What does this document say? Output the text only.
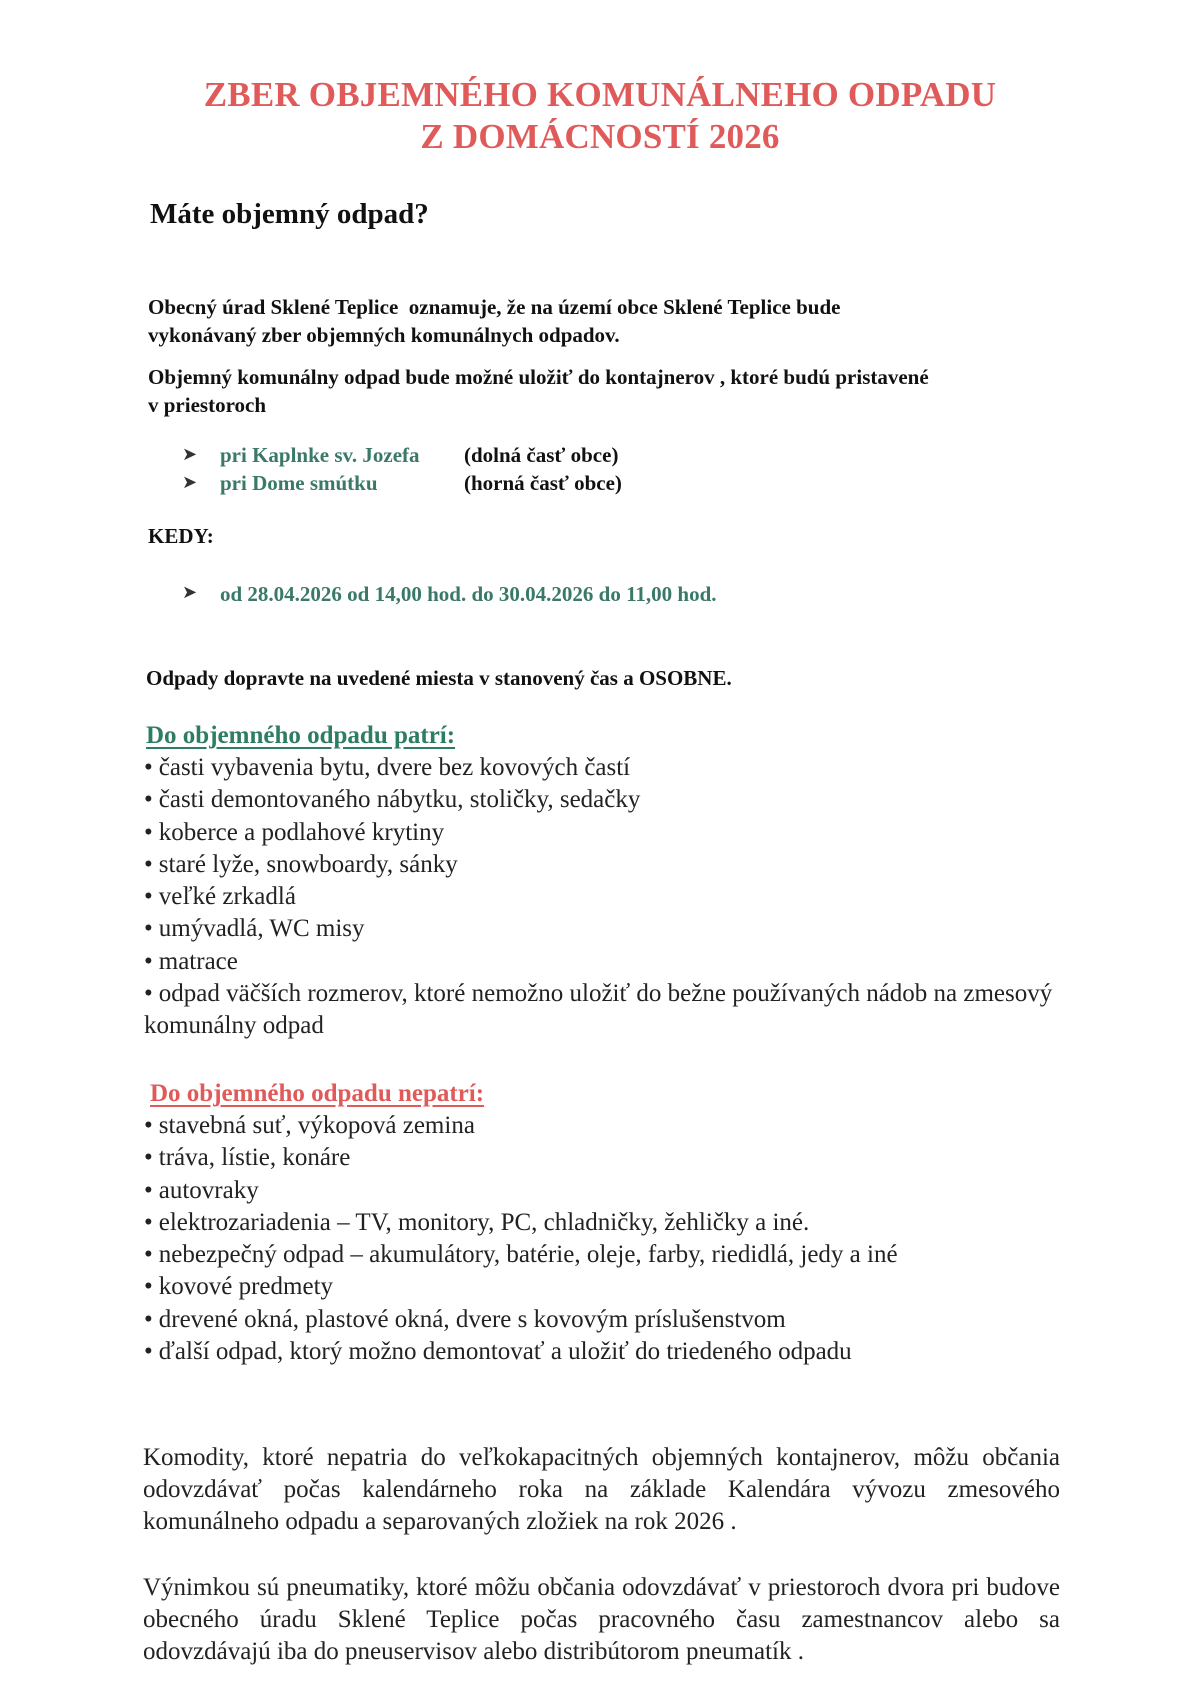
ZBER OBJEMNÉHO KOMUNÁLNEHO ODPADU
Z DOMÁCNOSTÍ 2026
Máte objemný odpad?
Obecný úrad Sklené Teplice  oznamuje, že na území obce Sklené Teplice bude
vykonávaný zber objemných komunálnych odpadov.
Objemný komunálny odpad bude možné uložiť do kontajnerov , ktoré budú pristavené
v priestoroch
➤ pri Kaplnke sv. Jozefa (dolná časť obce)
➤ pri Dome smútku	(horná časť obce)
KEDY:
➤ od 28.04.2026 od 14,00 hod. do 30.04.2026 do 11,00 hod.
Odpady dopravte na uvedené miesta v stanovený čas a OSOBNE.
Do objemného odpadu patrí:
• časti vybavenia bytu, dvere bez kovových častí
• časti demontovaného nábytku, stoličky, sedačky
• koberce a podlahové krytiny
• staré lyže, snowboardy, sánky
• veľké zrkadlá
• umývadlá, WC misy
• matrace
• odpad väčších rozmerov, ktoré nemožno uložiť do bežne používaných nádob na zmesový komunálny odpad
Do objemného odpadu nepatrí:
• stavebná suť, výkopová zemina
• tráva, lístie, konáre
• autovraky
• elektrozariadenia – TV, monitory, PC, chladničky, žehličky a iné.
• nebezpečný odpad – akumulátory, batérie, oleje, farby, riedidlá, jedy a iné
• kovové predmety
• drevené okná, plastové okná, dvere s kovovým príslušenstvom
• ďalší odpad, ktorý možno demontovať a uložiť do triedeného odpadu

Komodity, ktoré nepatria do veľkokapacitných objemných kontajnerov, môžu občania odovzdávať počas kalendárneho roka na základe Kalendára vývozu zmesového komunálneho odpadu a separovaných zložiek na rok 2026 .

Výnimkou sú pneumatiky, ktoré môžu občania odovzdávať v priestoroch dvora pri budove obecného úradu Sklené Teplice počas pracovného času zamestnancov alebo sa odovzdávajú iba do pneuservisov alebo distribútorom pneumatík .
